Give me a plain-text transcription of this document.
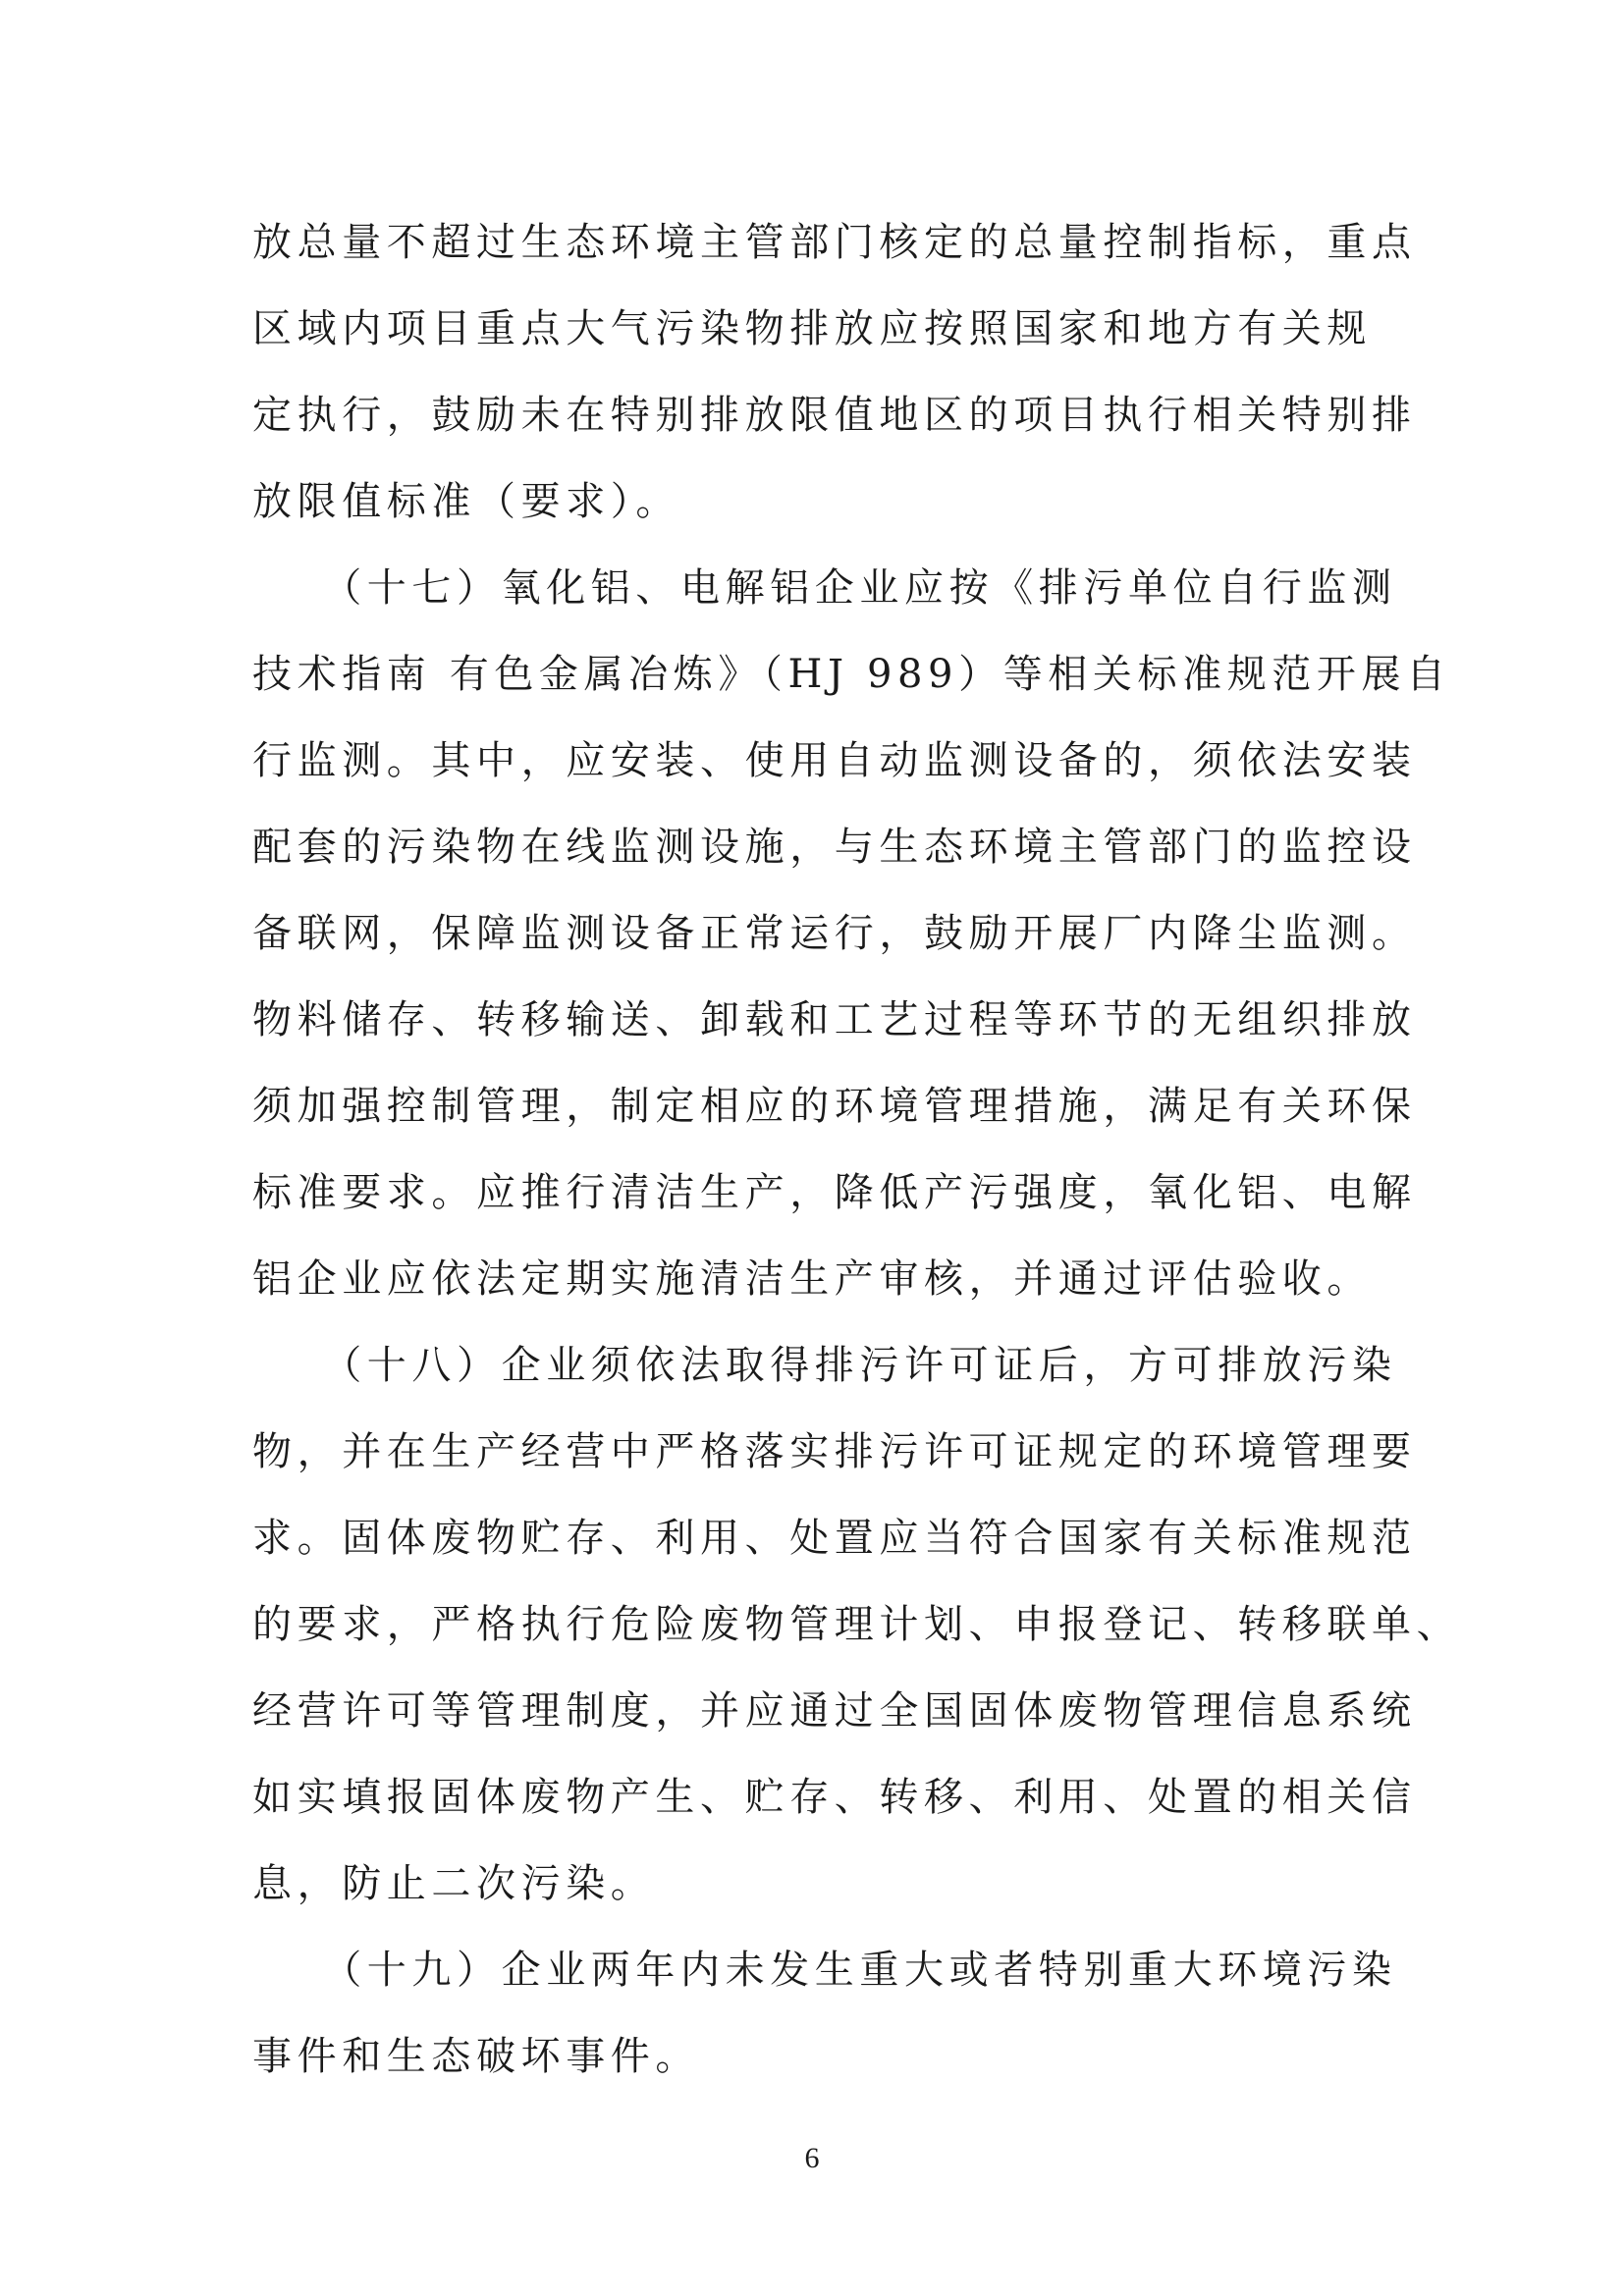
放总量不超过生态环境主管部门核定的总量控制指标，重点
区域内项目重点大气污染物排放应按照国家和地方有关规
定执行，鼓励未在特别排放限值地区的项目执行相关特别排
放限值标准（要求）。
　　（十七）氧化铝、电解铝企业应按《排污单位自行监测
技术指南 有色金属冶炼》（HJ 989）等相关标准规范开展自
行监测。其中，应安装、使用自动监测设备的，须依法安装
配套的污染物在线监测设施，与生态环境主管部门的监控设
备联网，保障监测设备正常运行，鼓励开展厂内降尘监测。
物料储存、转移输送、卸载和工艺过程等环节的无组织排放
须加强控制管理，制定相应的环境管理措施，满足有关环保
标准要求。应推行清洁生产，降低产污强度，氧化铝、电解
铝企业应依法定期实施清洁生产审核，并通过评估验收。
　　（十八）企业须依法取得排污许可证后，方可排放污染
物，并在生产经营中严格落实排污许可证规定的环境管理要
求。固体废物贮存、利用、处置应当符合国家有关标准规范
的要求，严格执行危险废物管理计划、申报登记、转移联单、
经营许可等管理制度，并应通过全国固体废物管理信息系统
如实填报固体废物产生、贮存、转移、利用、处置的相关信
息，防止二次污染。
　　（十九）企业两年内未发生重大或者特别重大环境污染
事件和生态破坏事件。
6
